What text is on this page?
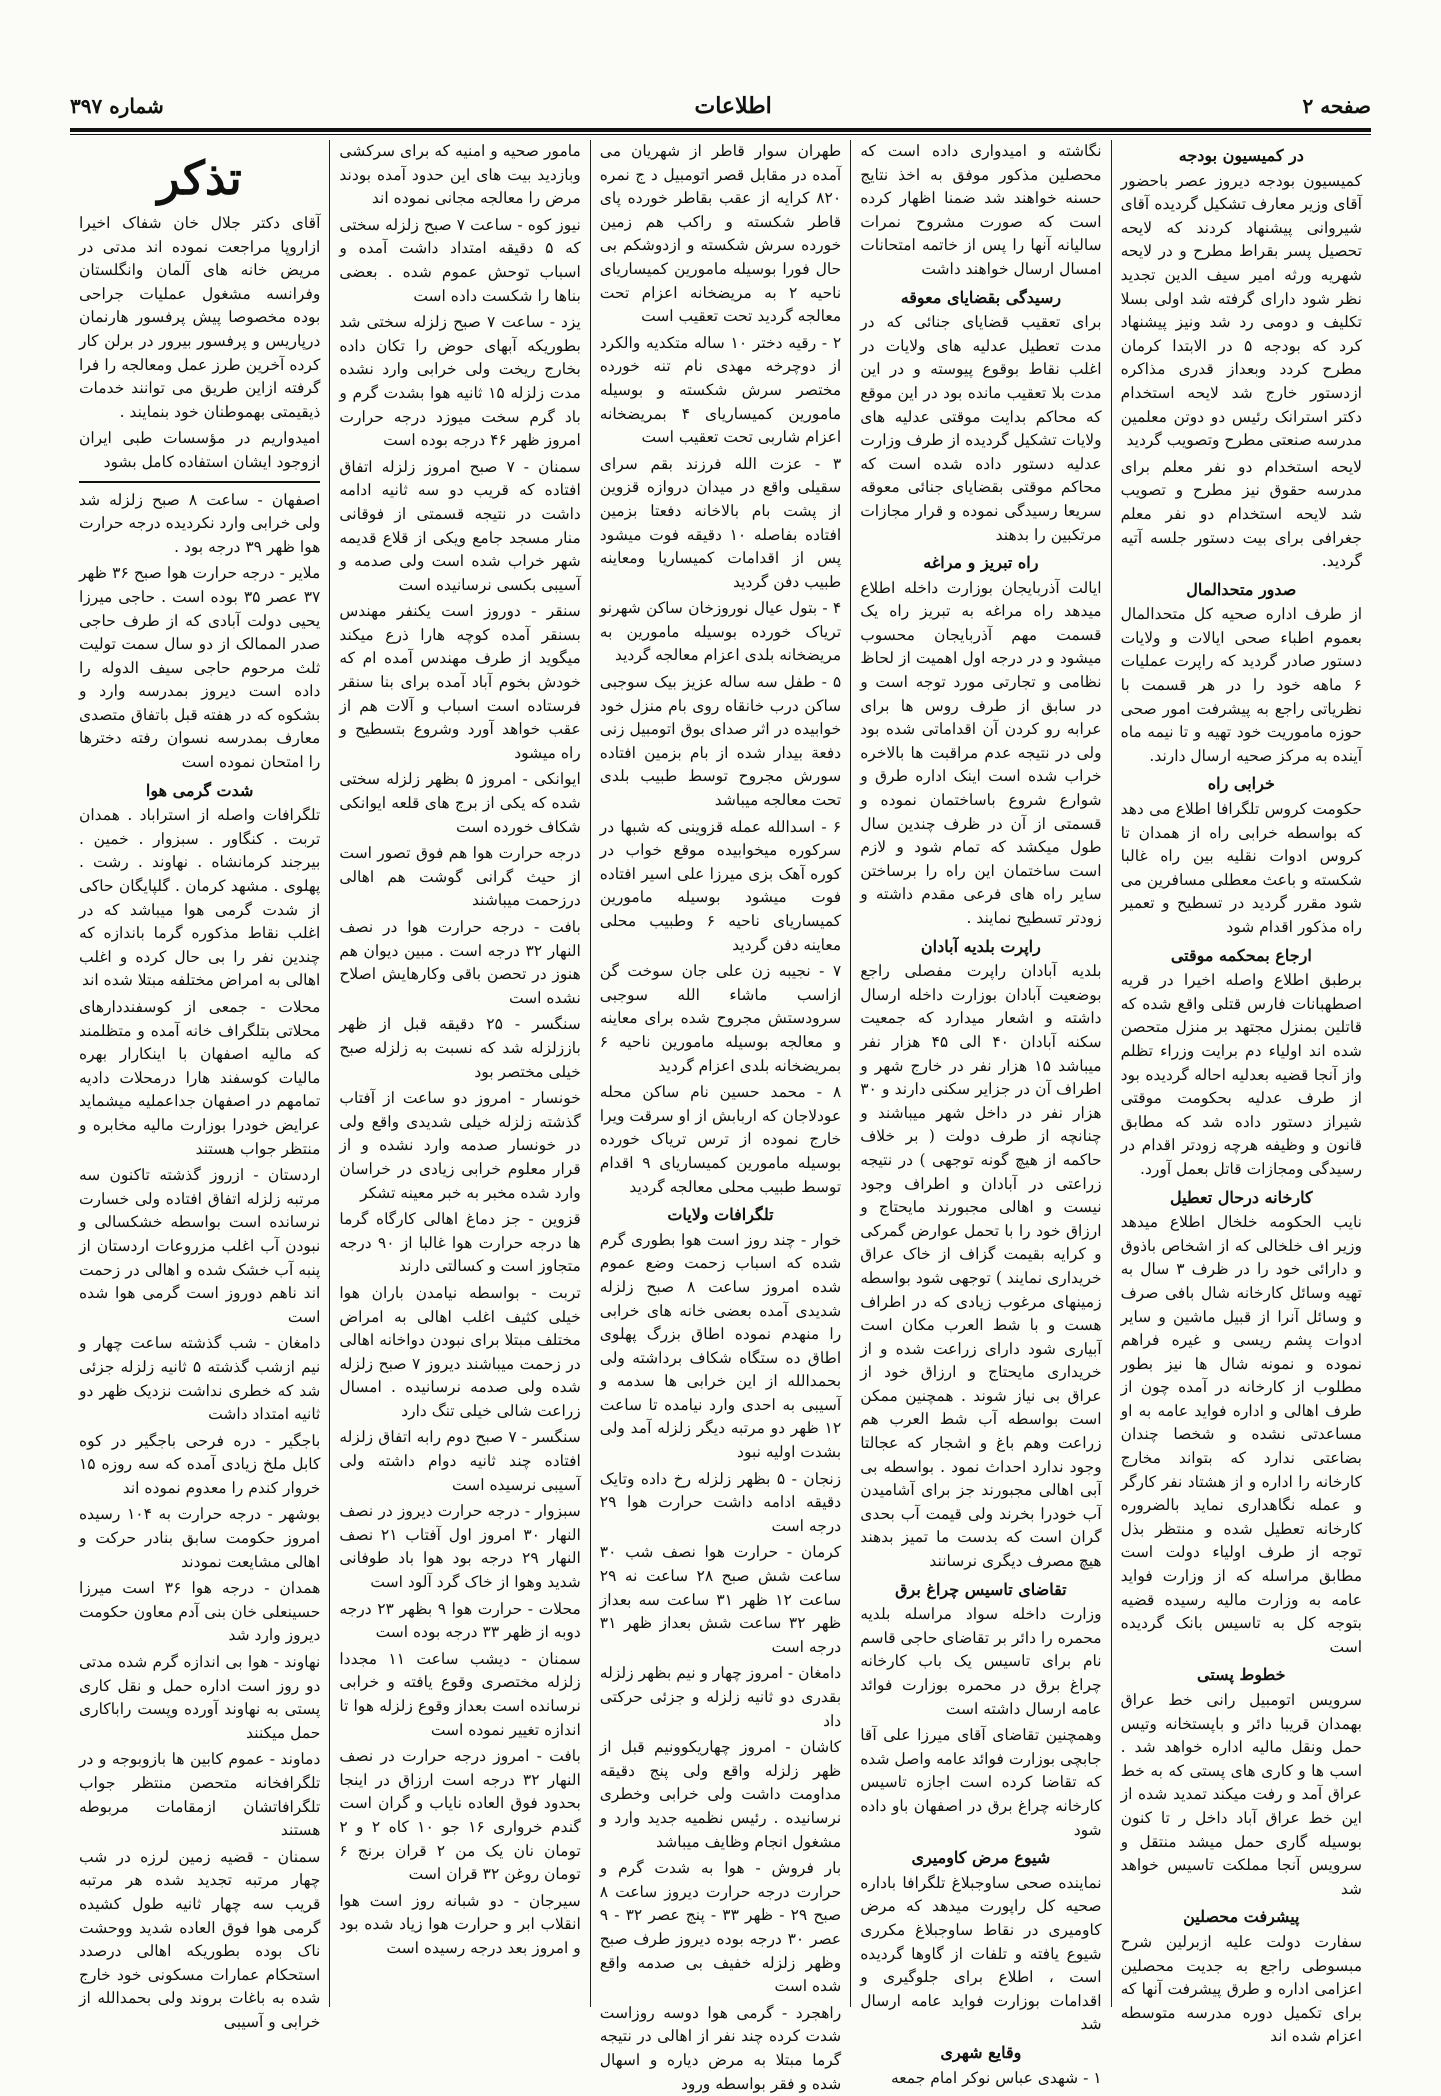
صفحه ۲
اطلاعات
شماره ۳۹۷
در کمیسیون بودجه

کمیسیون بودجه دیروز عصر باحضور آقای وزیر معارف تشکیل گردیده آقای شیروانی پیشنهاد کردند که لایحه تحصیل پسر بقراط مطرح و در لایحه شهریه ورثه امیر سیف الدین تجدید نظر شود دارای گرفته شد اولی بسلا تکلیف و دومی رد شد ونیز پیشنهاد کرد که بودجه ۵ در الابتدا کرمان مطرح کردد وبعداز قدری مذاکره ازدستور خارج شد لایحه استخدام دکتر استرانک رئیس دو دوتن معلمین مدرسه صنعتی مطرح وتصویب گردید

لایحه استخدام دو نفر معلم برای مدرسه حقوق نیز مطرح و تصویب شد لایحه استخدام دو نفر معلم جغرافی برای بیت دستور جلسه آتیه گردید.

صدور متحدالمال

از طرف اداره صحیه کل متحدالمال بعموم اطباء صحی ایالات و ولایات دستور صادر گردید که راپرت عملیات ۶ ماهه خود را در هر قسمت با نظریاتی راجع به پیشرفت امور صحی حوزه ماموریت خود تهیه و تا نیمه ماه آینده به مرکز صحیه ارسال دارند.

خرابی راه

حکومت کروس تلگرافا اطلاع می دهد که بواسطه خرابی راه از همدان تا کروس ادوات نقلیه بین راه غالبا شکسته و باعث معطلی مسافرین می شود مقرر گردید در تسطیح و تعمیر راه مذکور اقدام شود

ارجاع بمحکمه موقتی

برطبق اطلاع واصله اخیرا در قریه اصطهبانات فارس قتلی واقع شده که قاتلین بمنزل مجتهد بر منزل متحصن شده اند اولیاء دم برایت وزراء تظلم واز آنجا قضیه بعدلیه احاله گردیده بود از طرف عدلیه بحکومت موقتی شیراز دستور داده شد که مطابق قانون و وظیفه هرچه زودتر اقدام در رسیدگی ومجازات قاتل بعمل آورد.

کارخانه درحال تعطیل

نایب الحکومه خلخال اطلاع میدهد وزیر اف خلخالی که از اشخاص باذوق و دارائی خود را در ظرف ۳ سال به تهیه وسائل کارخانه شال بافی صرف و وسائل آنرا از قبیل ماشین و سایر ادوات پشم ریسی و غیره فراهم نموده و نمونه شال ها نیز بطور مطلوب از کارخانه در آمده چون از طرف اهالی و اداره فواید عامه به او مساعدتی نشده و شخصا چندان بضاعتی ندارد که بتواند مخارج کارخانه را اداره و از هشتاد نفر کارگر و عمله نگاهداری نماید بالضروره کارخانه تعطیل شده و منتظر بذل توجه از طرف اولیاء دولت است مطابق مراسله که از وزارت فواید عامه به وزارت مالیه رسیده قضیه بتوجه کل به تاسیس بانک گردیده است

خطوط پستی

سرویس اتومبیل رانی خط عراق بهمدان قریبا دائر و باپستخانه وتیس حمل ونقل مالیه اداره خواهد شد . اسب ها و کاری های پستی که به خط عراق آمد و رفت میکند تمدید شده از این خط عراق آباد داخل ر تا کنون بوسیله گاری حمل میشد منتقل و سرویس آنجا مملکت تاسیس خواهد شد

پیشرفت محصلین

سفارت دولت علیه ازبرلین شرح مبسوطی راجع به جدیت محصلین اعزامی اداره و طرق پیشرفت آنها که برای تکمیل دوره مدرسه متوسطه اعزام شده اند

نگاشته و امیدواری داده است که محصلین مذکور موفق به اخذ نتایج حسنه خواهند شد ضمنا اظهار کرده است که صورت مشروح نمرات سالیانه آنها را پس از خاتمه امتحانات امسال ارسال خواهند داشت

رسیدگی بقضایای معوقه

برای تعقیب قضایای جنائی که در مدت تعطیل عدلیه های ولایات در اغلب نقاط بوقوع پیوسته و در این مدت بلا تعقیب مانده بود در این موقع که محاکم بدایت موقتی عدلیه های ولایات تشکیل گردیده از طرف وزارت عدلیه دستور داده شده است که محاکم موقتی بقضایای جنائی معوقه سریعا رسیدگی نموده و قرار مجازات مرتکبین را بدهند

راه تبریز و مراغه

ایالت آذربایجان بوزارت داخله اطلاع میدهد راه مراغه به تبریز راه یک قسمت مهم آذربایجان محسوب میشود و در درجه اول اهمیت از لحاظ نظامی و تجارتی مورد توجه است و در سابق از طرف روس ها برای عرابه رو کردن آن اقداماتی شده بود ولی در نتیجه عدم مراقبت ها بالاخره خراب شده است اینک اداره طرق و شوارع شروع باساختمان نموده و قسمتی از آن در ظرف چندین سال طول میکشد که تمام شود و لازم است ساختمان این راه را برساختن سایر راه های فرعی مقدم داشته و زودتر تسطیح نمایند .

راپرت بلدیه آبادان

بلدیه آبادان راپرت مفصلی راجع بوضعیت آبادان بوزارت داخله ارسال داشته و اشعار میدارد که جمعیت سکنه آبادان ۴۰ الی ۴۵ هزار نفر میباشد ۱۵ هزار نفر در خارج شهر و اطراف آن در جزایر سکنی دارند و ۳۰ هزار نفر در داخل شهر میباشند و چنانچه از طرف دولت ( بر خلاف حاکمه از هیچ گونه توجهی ) در نتیجه زراعتی در آبادان و اطراف وجود نیست و اهالی مجبورند مایحتاج و ارزاق خود را با تحمل عوارض گمرکی و کرایه بقیمت گزاف از خاک عراق خریداری نمایند ) توجهی شود بواسطه زمینهای مرغوب زیادی که در اطراف هست و با شط العرب مکان است آبیاری شود دارای زراعت شده و از خریداری مایحتاج و ارزاق خود از عراق بی نیاز شوند . همچنین ممکن است بواسطه آب شط العرب هم زراعت وهم باغ و اشجار که عجالتا وجود ندارد احداث نمود . بواسطه بی آبی اهالی مجبورند جز برای آشامیدن آب خودرا بخرند ولی قیمت آب بحدی گران است که بدست ما تمیز بدهند هیچ مصرف دیگری نرسانند

تقاضای تاسیس چراغ برق

وزارت داخله سواد مراسله بلدیه محمره را دائر بر تقاضای حاجی قاسم نام برای تاسیس یک باب کارخانه چراغ برق در محمره بوزارت فوائد عامه ارسال داشته است

وهمچنین تقاضای آقای میرزا علی آقا جابچی بوزارت فوائد عامه واصل شده که تقاضا کرده است اجازه تاسیس کارخانه چراغ برق در اصفهان باو داده شود

شیوع مرض کاومیری

نماینده صحی ساوجبلاغ تلگرافا باداره صحیه کل راپورت میدهد که مرض کاومیری در نقاط ساوجبلاغ مکرری شیوع یافته و تلفات از گاوها گردیده است ، اطلاع برای جلوگیری و اقدامات بوزارت فواید عامه ارسال شد

وقایع شهری

۱ - شهدی عباس نوکر امام جمعه

طهران سوار قاطر از شهریان می آمده در مقابل قصر اتومبیل د ج نمره ۸۲۰ کرایه از عقب بقاطر خورده پای قاطر شکسته و راکب هم زمین خورده سرش شکسته و ازدوشکم بی حال فورا بوسیله مامورین کمیساریای ناحیه ۲ به مریضخانه اعزام تحت معالجه گردید تحت تعقیب است

۲ - رقیه دختر ۱۰ ساله متکدیه والکرد از دوچرخه مهدی نام تنه خورده مختصر سرش شکسته و بوسیله مامورین کمیساریای ۴ بمریضخانه اعزام شاربی تحت تعقیب است

۳ - عزت الله فرزند بقم سرای سقیلی واقع در میدان دروازه قزوین از پشت بام بالاخانه دفعتا بزمین افتاده بفاصله ۱۰ دقیقه فوت میشود پس از اقدامات کمیساریا ومعاینه طبیب دفن گردید

۴ - بتول عیال نوروزخان ساکن شهرنو تریاک خورده بوسیله مامورین به مریضخانه بلدی اعزام معالجه گردید

۵ - طفل سه ساله عزیز بیک سوجبی ساکن درب خانقاه روی بام منزل خود خوابیده در اثر صدای بوق اتومبیل زنی دفعة بیدار شده از بام بزمین افتاده سورش مجروح توسط طبیب بلدی تحت معالجه میباشد

۶ - اسدالله عمله قزوینی که شبها در سرکوره میخوابیده موقع خواب در کوره آهک بزی میرزا علی اسیر افتاده فوت میشود بوسیله مامورین کمیساریای ناحیه ۶ وطبیب محلی معاینه دفن گردید

۷ - نجیبه زن علی جان سوخت گن ازاسب ماشاء الله سوجبی سرودستش مجروح شده برای معاینه و معالجه بوسیله مامورین ناحیه ۶ بمریضخانه بلدی اعزام گردید

۸ - محمد حسین نام ساکن محله عودلاجان که اربابش از او سرقت ویرا خارج نموده از ترس تریاک خورده بوسیله مامورین کمیساریای ۹ اقدام توسط طبیب محلی معالجه گردید

تلگرافات ولایات

خوار - چند روز است هوا بطوری گرم شده که اسباب زحمت وضع عموم شده امروز ساعت ۸ صبح زلزله شدیدی آمده بعضی خانه های خرابی را منهدم نموده اطاق بزرگ پهلوی اطاق ده ستگاه شکاف برداشته ولی بحمدالله از این خرابی ها سدمه و آسیبی به احدی وارد نیامده تا ساعت ۱۲ ظهر دو مرتبه دیگر زلزله آمد ولی بشدت اولیه نبود

زنجان - ۵ بظهر زلزله رخ داده وتایک دقیقه ادامه داشت حرارت هوا ۲۹ درجه است

کرمان - حرارت هوا نصف شب ۳۰ ساعت شش صبح ۲۸ ساعت نه ۲۹ ساعت ۱۲ ظهر ۳۱ ساعت سه بعداز ظهر ۳۲ ساعت شش بعداز ظهر ۳۱ درجه است

دامغان - امروز چهار و نیم بظهر زلزله بقدری دو ثانیه زلزله و جزئی حرکتی داد

کاشان - امروز چهاریکوونیم قبل از ظهر زلزله واقع ولی پنج دقیقه مداومت داشت ولی خرابی وخطری نرسانیده . رئیس نظمیه جدید وارد و مشغول انجام وظایف میباشد

بار فروش - هوا به شدت گرم و حرارت درجه حرارت دیروز ساعت ۸ صبح ۲۹ - ظهر ۳۳ - پنج عصر ۳۲ - ۹ عصر ۳۰ درجه بوده دیروز طرف صبح وظهر زلزله خفیف بی صدمه واقع شده است

راهجرد - گرمی هوا دوسه روزاست شدت کرده چند نفر از اهالی در نتیجه گرما مبتلا به مرض دیاره و اسهال شده و فقر بواسطه ورود

مامور صحیه و امنیه که برای سرکشی وبازدید بیت های این حدود آمده بودند مرض را معالجه مجانی نموده اند

نیوز کوه - ساعت ۷ صبح زلزله سختی که ۵ دقیقه امتداد داشت آمده و اسباب توحش عموم شده . بعضی بناها را شکست داده است

یزد - ساعت ۷ صبح زلزله سختی شد بطوریکه آبهای حوض را تکان داده بخارج ریخت ولی خرابی وارد نشده مدت زلزله ۱۵ ثانیه هوا بشدت گرم و باد گرم سخت میوزد درجه حرارت امروز ظهر ۴۶ درجه بوده است

سمنان - ۷ صبح امروز زلزله اتفاق افتاده که قریب دو سه ثانیه ادامه داشت در نتیجه قسمتی از فوقانی منار مسجد جامع ویکی از قلاع قدیمه شهر خراب شده است ولی صدمه و آسیبی بکسی نرسانیده است

سنقر - دوروز است یکنفر مهندس بسنقر آمده کوچه هارا ذرع میکند میگوید از طرف مهندس آمده ام که خودش بخوم آباد آمده برای بنا سنقر فرستاده است اسباب و آلات هم از عقب خواهد آورد وشروع بتسطیح و راه میشود

ایوانکی - امروز ۵ بظهر زلزله سختی شده که یکی از برج های قلعه ایوانکی شکاف خورده است

درجه حرارت هوا هم فوق تصور است از حیث گرانی گوشت هم اهالی درزحمت میباشند

بافت - درجه حرارت هوا در نصف النهار ۳۲ درجه است . مبین دیوان هم هنوز در تحصن باقی وکارهایش اصلاح نشده است

سنگسر - ۲۵ دقیقه قبل از ظهر باززلزله شد که نسبت به زلزله صبح خیلی مختصر بود

خونسار - امروز دو ساعت از آفتاب گذشته زلزله خیلی شدیدی واقع ولی در خونسار صدمه وارد نشده و از قرار معلوم خرابی زیادی در خراسان وارد شده مخبر به خبر معینه تشکر

قزوین - جز دماغ اهالی کارگاه گرما ها درجه حرارت هوا غالبا از ۹۰ درجه متجاوز است و کسالتی دارند

تربت - بواسطه نیامدن باران هوا خیلی کثیف اغلب اهالی به امراض مختلف مبتلا برای نبودن دواخانه اهالی در زحمت میباشند دیروز ۷ صبح زلزله شده ولی صدمه نرسانیده . امسال زراعت شالی خیلی تنگ دارد

سنگسر - ۷ صبح دوم رابه اتفاق زلزله افتاده چند ثانیه دوام داشته ولی آسیبی نرسیده است

سبزوار - درجه حرارت دیروز در نصف النهار ۳۰ امروز اول آفتاب ۲۱ نصف النهار ۲۹ درجه بود هوا باد طوفانی شدید وهوا از خاک گرد آلود است

محلات - حرارت هوا ۹ بظهر ۲۳ درجه دوبه از ظهر ۳۳ درجه بوده است

سمنان - دیشب ساعت ۱۱ مجددا زلزله مختصری وقوع یافته و خرابی نرسانده است بعداز وقوع زلزله هوا تا اندازه تغییر نموده است

بافت - امروز درجه حرارت در نصف النهار ۳۲ درجه است ارزاق در اینجا بحدود فوق العاده نایاب و گران است گندم خرواری ۱۶ جو ۱۰ کاه ۲ و ۲ تومان نان یک من ۲ قران برنج ۶ تومان روغن ۳۲ قران است

سیرجان - دو شبانه روز است هوا انقلاب ابر و حرارت هوا زیاد شده بود و امروز بعد درجه رسیده است

تذکر

آقای دکتر جلال خان شفاک اخیرا ازاروپا مراجعت نموده اند مدتی در مریض خانه های آلمان وانگلستان وفرانسه مشغول عملیات جراحی بوده مخصوصا پیش پرفسور هارنمان درپاریس و پرفسور بیرور در برلن کار کرده آخرین طرز عمل ومعالجه را فرا گرفته ازاین طریق می توانند خدمات ذیقیمتی بهموطنان خود بنمایند .

امیدواریم در مؤسسات طبی ایران ازوجود ایشان استفاده کامل بشود

اصفهان - ساعت ۸ صبح زلزله شد ولی خرابی وارد نکردیده درجه حرارت هوا ظهر ۳۹ درجه بود .

ملایر - درجه حرارت هوا صبح ۳۶ ظهر ۳۷ عصر ۳۵ بوده است . حاجی میرزا یحیی دولت آبادی که از طرف حاجی صدر الممالک از دو سال سمت تولیت ثلث مرحوم حاجی سیف الدوله را داده است دیروز بمدرسه وارد و بشکوه که در هفته قبل باتفاق متصدی معارف بمدرسه نسوان رفته دخترها را امتحان نموده است

شدت گرمی هوا

تلگرافات واصله از استراباد . همدان تربت . کنگاور . سبزوار . خمین . بیرجند کرمانشاه . نهاوند . رشت . پهلوی . مشهد کرمان . گلپایگان حاکی از شدت گرمی هوا میباشد که در اغلب نقاط مذکوره گرما باندازه که چندین نفر را بی حال کرده و اغلب اهالی به امراض مختلفه مبتلا شده اند

محلات - جمعی از کوسفنددارهای محلاتی بتلگراف خانه آمده و متظلمند که مالیه اصفهان با اینکارار بهره مالیات کوسفند هارا درمحلات دادیه تمامهم در اصفهان جداعملیه میشماید عرایض خودرا بوزارت مالیه مخابره و منتظر جواب هستند

اردستان - ازروز گذشته تاکنون سه مرتبه زلزله اتفاق افتاده ولی خسارت نرسانده است بواسطه خشکسالی و نبودن آب اغلب مزروعات اردستان از پنبه آب خشک شده و اهالی در زحمت اند ناهم دوروز است گرمی هوا شده است

دامغان - شب گذشته ساعت چهار و نیم ازشب گذشته ۵ ثانیه زلزله جزئی شد که خطری نداشت نزدیک ظهر دو ثانیه امتداد داشت

باجگیر - دره فرحی باجگیر در کوه کابل ملخ زیادی آمده که سه روزه ۱۵ خروار کندم را معدوم نموده اند

بوشهر - درجه حرارت به ۱۰۴ رسیده امروز حکومت سابق بنادر حرکت و اهالی مشایعت نمودند

همدان - درجه هوا ۳۶ است میرزا حسینعلی خان بنی آدم معاون حکومت دیروز وارد شد

نهاوند - هوا بی اندازه گرم شده مدتی دو روز است اداره حمل و نقل کاری پستی به نهاوند آورده وپست راباکاری حمل میکنند

دماوند - عموم کابین ها بازوبوجه و در تلگرافخانه متحصن منتظر جواب تلگرافاتشان ازمقامات مربوطه هستند

سمنان - قضیه زمین لرزه در شب چهار مرتبه تجدید شده هر مرتبه قریب سه چهار ثانیه طول کشیده گرمی هوا فوق العاده شدید ووحشت ناک بوده بطوریکه اهالی درصدد استحکام عمارات مسکونی خود خارج شده به باغات بروند ولی بحمدالله از خرابی و آسیبی
